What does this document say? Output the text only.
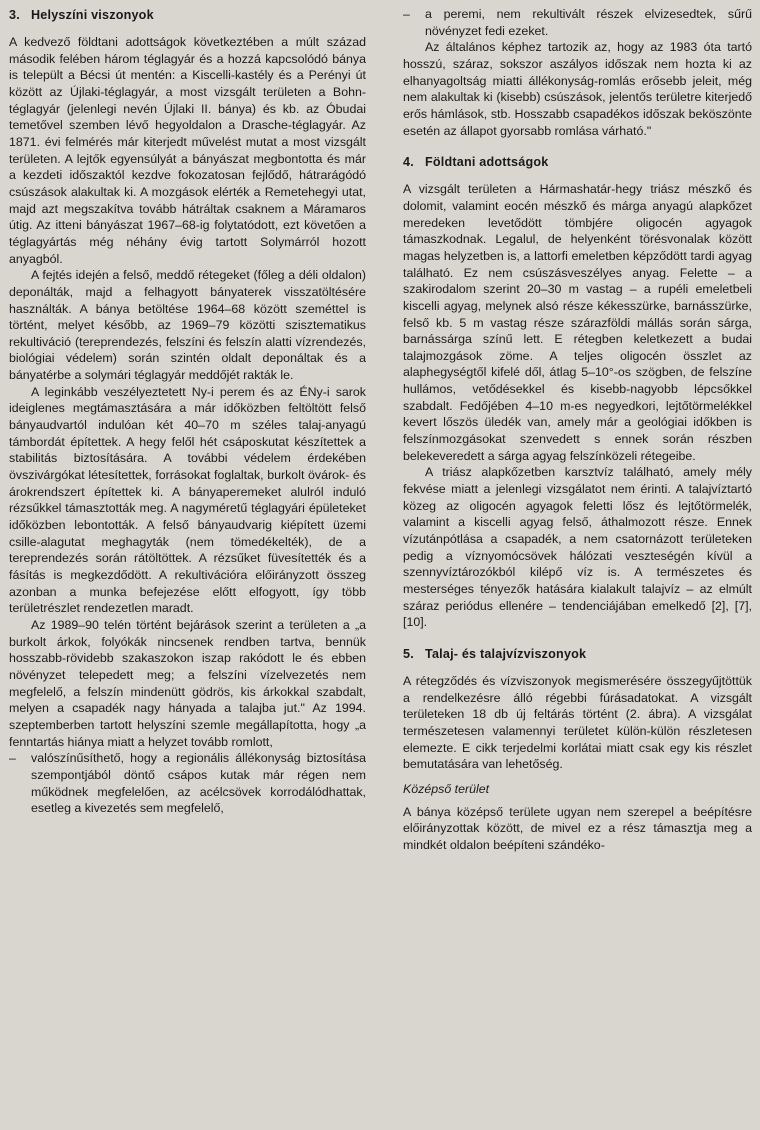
3. Helyszíni viszonyok

A kedvező földtani adottságok következtében a múlt század második felében három téglagyár és a hozzá kapcsolódó bánya is települt a Bécsi út mentén: a Kiscelli-kastély és a Perényi út között az Újlaki-téglagyár, a most vizsgált területen a Bohn-téglagyár (jelenlegi nevén Újlaki II. bánya) és kb. az Óbudai temetővel szemben lévő hegyoldalon a Drasche-téglagyár. Az 1871. évi felmérés már kiterjedt művelést mutat a most vizsgált területen. A lejtők egyensúlyát a bányászat megbontotta és már a kezdeti időszaktól kezdve fokozatosan fejlődő, hátrarágódó csúszások alakultak ki. A mozgások elérték a Remetehegyi utat, majd azt megszakítva tovább hátráltak csaknem a Máramaros útig. Az itteni bányászat 1967–68-ig folytatódott, ezt követően a téglagyártás még néhány évig tartott Solymárról hozott anyagból.

A fejtés idején a felső, meddő rétegeket (főleg a déli oldalon) deponálták, majd a felhagyott bányaterek visszatöltésére használták. A bánya betöltése 1964–68 között szeméttel is történt, melyet később, az 1969–79 közötti szisztematikus rekultiváció (tereprendezés, felszíni és felszín alatti vízrendezés, biológiai védelem) során szintén oldalt deponáltak és a bányatérbe a solymári téglagyár meddőjét rakták le.

A leginkább veszélyeztetett Ny-i perem és az ÉNy-i sarok ideiglenes megtámasztására a már időközben feltöltött felső bányaudvartól indulóan két 40–70 m széles talaj-anyagú támbordát építettek. A hegy felől hét csáposkutat készítettek a stabilitás biztosítására. A további védelem érdekében övszivárgókat létesítettek, forrásokat foglaltak, burkolt övárok- és árokrendszert építettek ki. A bányaperemeket alulról induló rézsűkkel támasztották meg. A nagyméretű téglagyári épületeket időközben lebontották. A felső bányaudvarig kiépített üzemi csille-alagutat meghagyták (nem tömedékelték), de a tereprendezés során rátöltöttek. A rézsűket füvesítették és a fásítás is megkezdődött. A rekultivációra előirányzott összeg azonban a munka befejezése előtt elfogyott, így több területrészlet rendezetlen maradt.

Az 1989–90 telén történt bejárások szerint a területen a „a burkolt árkok, folyókák nincsenek rendben tartva, bennük hosszabb-rövidebb szakaszokon iszap rakódott le és ebben növényzet telepedett meg; a felszíni vízelvezetés nem megfelelő, a felszín mindenütt gödrös, kis árkokkal szabdalt, melyen a csapadék nagy hányada a talajba jut." Az 1994. szeptemberben tartott helyszíni szemle megállapította, hogy „a fenntartás hiánya miatt a helyzet tovább romlott,

– valószínűsíthető, hogy a regionális állékonyság biztosítása szempontjából döntő csápos kutak már régen nem működnek megfelelően, az acélcsövek korrodálódhattak, esetleg a kivezetés sem megfelelő,
– a peremi, nem rekultivált részek elvizesedtek, sűrű növényzet fedi ezeket.

Az általános képhez tartozik az, hogy az 1983 óta tartó hosszú, száraz, sokszor aszályos időszak nem hozta ki az elhanyagoltság miatti állékonyság-romlás erősebb jeleit, még nem alakultak ki (kisebb) csúszások, jelentős területre kiterjedő erős hámlások, stb. Hosszabb csapadékos időszak beköszönte esetén az állapot gyorsabb romlása várható."

4. Földtani adottságok

A vizsgált területen a Hármashatár-hegy triász mészkő és dolomit, valamint eocén mészkő és márga anyagú alapkőzet meredeken levetődött tömbjére oligocén agyagok támaszkodnak. Legalul, de helyenként törésvonalak között magas helyzetben is, a lattorfi emeletben képződött tardi agyag található. Ez nem csúszásveszélyes anyag. Felette – a szakirodalom szerint 20–30 m vastag – a rupéli emeletbeli kiscelli agyag, melynek alsó része kékesszürke, barnásszürke, felső kb. 5 m vastag része szárazföldi mállás során sárga, barnássárga színű lett. E rétegben keletkezett a budai talajmozgások zöme. A teljes oligocén összlet az alaphegységtől kifelé dől, átlag 5–10°-os szögben, de felszíne hullámos, vetődésekkel és kisebb-nagyobb lépcsőkkel szabdalt. Fedőjében 4–10 m-es negyedkori, lejtőtörmelékkel kevert lőszös üledék van, amely már a geológiai időkben is felszínmozgásokat szenvedett s ennek során részben belekeveredett a sárga agyag felszínközeli rétegeibe.

A triász alapkőzetben karsztvíz található, amely mély fekvése miatt a jelenlegi vizsgálatot nem érinti. A talajvíztartó közeg az oligocén agyagok feletti lősz és lejtőtörmelék, valamint a kiscelli agyag felső, áthalmozott része. Ennek vízutánpótlása a csapadék, a nem csatornázott területeken pedig a víznyomócsövek hálózati veszteségén kívül a szennyvíztározókból kilépő víz is. A természetes és mesterséges tényezők hatására kialakult talajvíz – az elmúlt száraz periódus ellenére – tendenciájában emelkedő [2], [7], [10].

5. Talaj- és talajvízviszonyok

A rétegződés és vízviszonyok megismerésére összegyűjtöttük a rendelkezésre álló régebbi fúrásadatokat. A vizsgált területeken 18 db új feltárás történt (2. ábra). A vizsgálat természetesen valamennyi területet külön-külön részletesen elemezte. E cikk terjedelmi korlátai miatt csak egy kis részlet bemutatására van lehetőség.

Középső terület

A bánya középső területe ugyan nem szerepel a beépítésre előirányzottak között, de mivel ez a rész támasztja meg a mindkét oldalon beépíteni szándéko-
